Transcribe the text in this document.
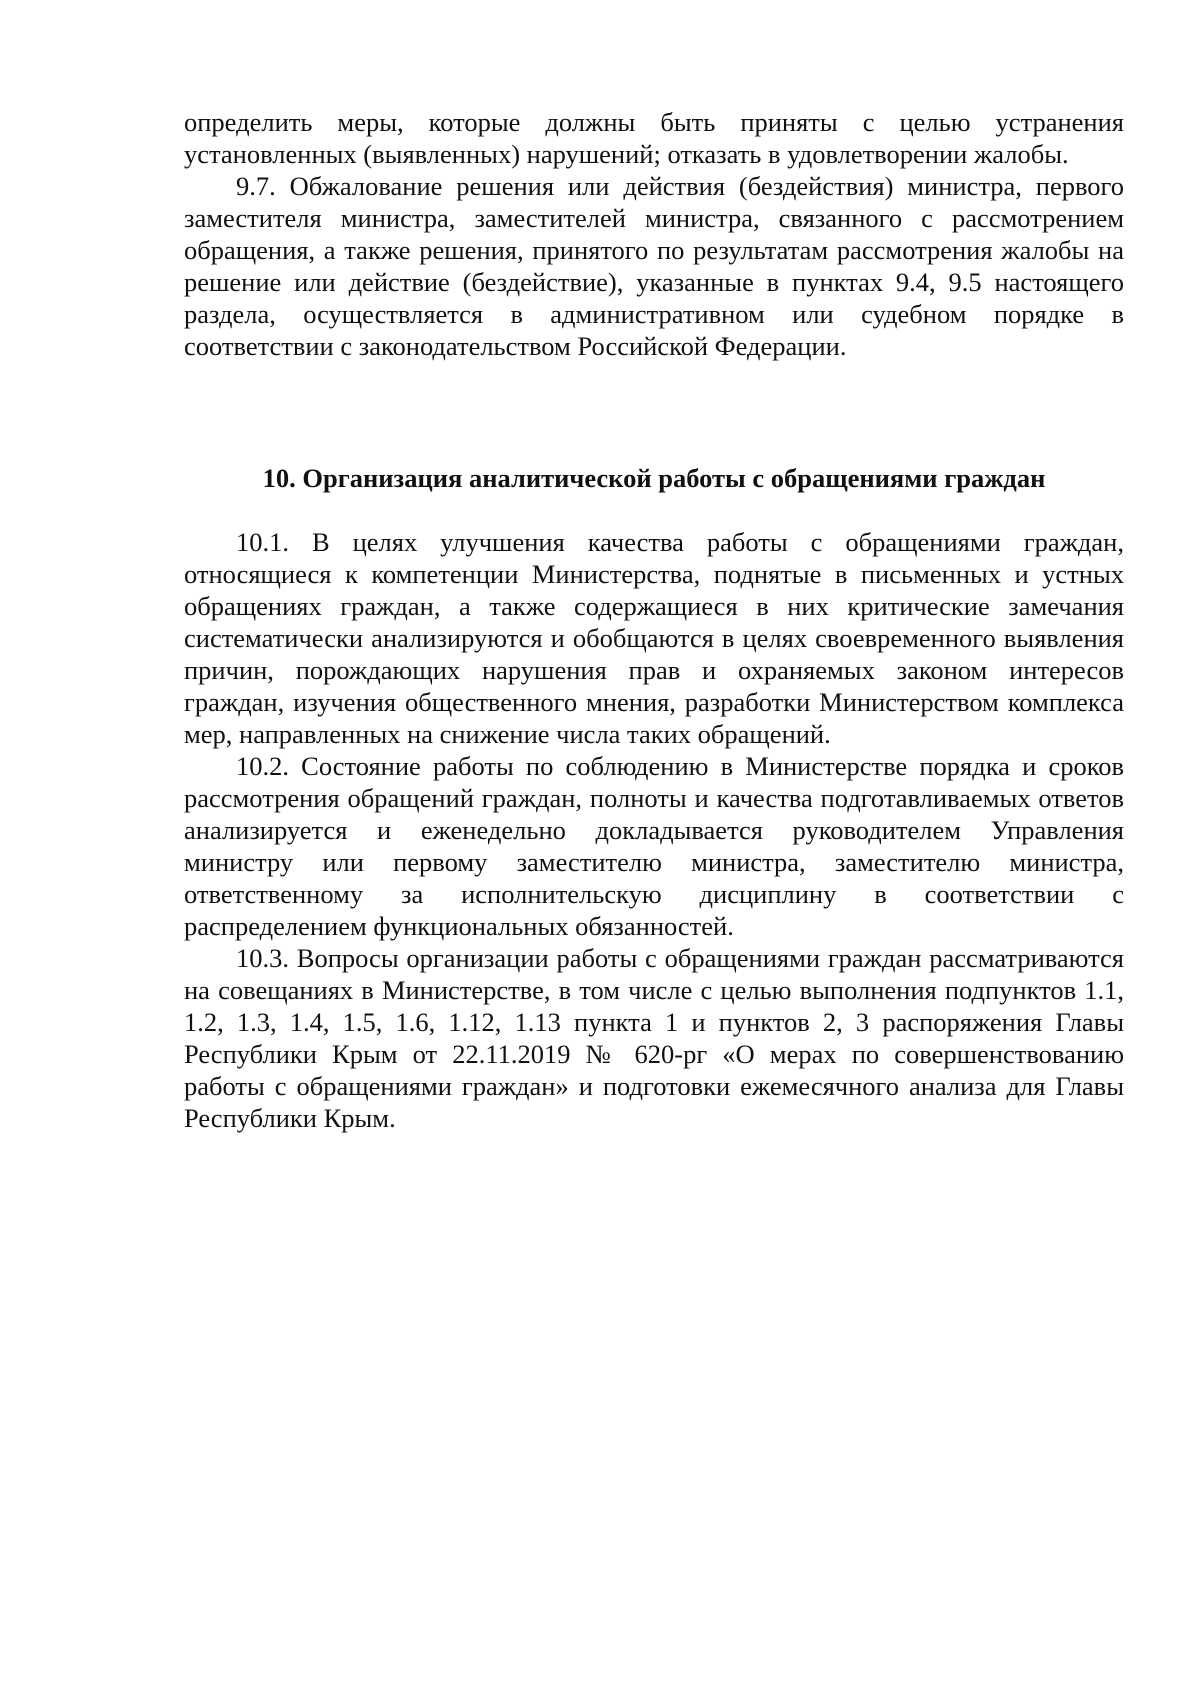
определить меры, которые должны быть приняты с целью устранения установленных (выявленных) нарушений; отказать в удовлетворении жалобы.

9.7. Обжалование решения или действия (бездействия) министра, первого заместителя министра, заместителей министра, связанного с рассмотрением обращения, а также решения, принятого по результатам рассмотрения жалобы на решение или действие (бездействие), указанные в пунктах 9.4, 9.5 настоящего раздела, осуществляется в административном или судебном порядке в соответствии с законодательством Российской Федерации.

10. Организация аналитической работы с обращениями граждан

10.1. В целях улучшения качества работы с обращениями граждан, относящиеся к компетенции Министерства, поднятые в письменных и устных обращениях граждан, а также содержащиеся в них критические замечания систематически анализируются и обобщаются в целях своевременного выявления причин, порождающих нарушения прав и охраняемых законом интересов граждан, изучения общественного мнения, разработки Министерством комплекса мер, направленных на снижение числа таких обращений.

10.2. Состояние работы по соблюдению в Министерстве порядка и сроков рассмотрения обращений граждан, полноты и качества подготавливаемых ответов анализируется и еженедельно докладывается руководителем Управления министру или первому заместителю министра, заместителю министра, ответственному за исполнительскую дисциплину в соответствии с распределением функциональных обязанностей.

10.3. Вопросы организации работы с обращениями граждан рассматриваются на совещаниях в Министерстве, в том числе с целью выполнения подпунктов 1.1, 1.2, 1.3, 1.4, 1.5, 1.6, 1.12, 1.13 пункта 1 и пунктов 2, 3 распоряжения Главы Республики Крым от 22.11.2019 № 620-рг «О мерах по совершенствованию работы с обращениями граждан» и подготовки ежемесячного анализа для Главы Республики Крым.
